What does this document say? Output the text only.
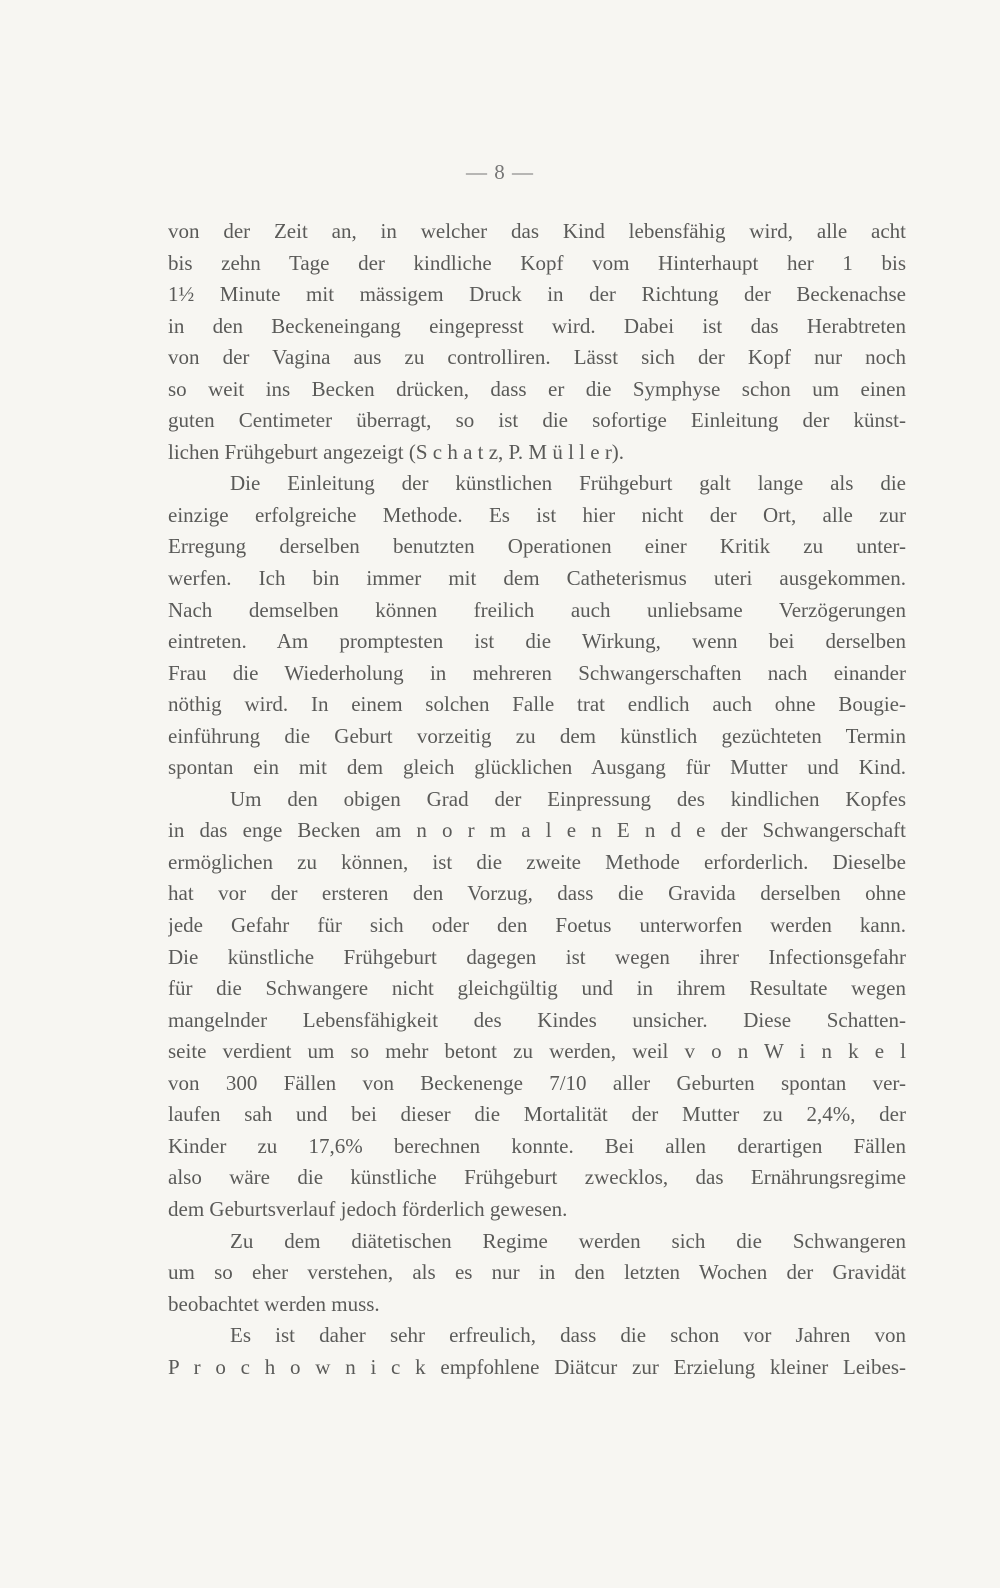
— 8 —
von der Zeit an, in welcher das Kind lebensfähig wird, alle acht
bis zehn Tage der kindliche Kopf vom Hinterhaupt her 1 bis
1½ Minute mit mässigem Druck in der Richtung der Beckenachse
in den Beckeneingang eingepresst wird. Dabei ist das Herabtreten
von der Vagina aus zu controlliren. Lässt sich der Kopf nur noch
so weit ins Becken drücken, dass er die Symphyse schon um einen
guten Centimeter überragt, so ist die sofortige Einleitung der künst-
lichen Frühgeburt angezeigt (S c h a t z, P. M ü l l e r).
Die Einleitung der künstlichen Frühgeburt galt lange als die
einzige erfolgreiche Methode. Es ist hier nicht der Ort, alle zur
Erregung derselben benutzten Operationen einer Kritik zu unter-
werfen. Ich bin immer mit dem Catheterismus uteri ausgekommen.
Nach demselben können freilich auch unliebsame Verzögerungen
eintreten. Am promptesten ist die Wirkung, wenn bei derselben
Frau die Wiederholung in mehreren Schwangerschaften nach einander
nöthig wird. In einem solchen Falle trat endlich auch ohne Bougie-
einführung die Geburt vorzeitig zu dem künstlich gezüchteten Termin
spontan ein mit dem gleich glücklichen Ausgang für Mutter und Kind.
Um den obigen Grad der Einpressung des kindlichen Kopfes
in das enge Becken am n o r m a l e n E n d e der Schwangerschaft
ermöglichen zu können, ist die zweite Methode erforderlich. Dieselbe
hat vor der ersteren den Vorzug, dass die Gravida derselben ohne
jede Gefahr für sich oder den Foetus unterworfen werden kann.
Die künstliche Frühgeburt dagegen ist wegen ihrer Infectionsgefahr
für die Schwangere nicht gleichgültig und in ihrem Resultate wegen
mangelnder Lebensfähigkeit des Kindes unsicher. Diese Schatten-
seite verdient um so mehr betont zu werden, weil v o n W i n k e l
von 300 Fällen von Beckenenge 7/10 aller Geburten spontan ver-
laufen sah und bei dieser die Mortalität der Mutter zu 2,4%, der
Kinder zu 17,6% berechnen konnte. Bei allen derartigen Fällen
also wäre die künstliche Frühgeburt zwecklos, das Ernährungsregime
dem Geburtsverlauf jedoch förderlich gewesen.
Zu dem diätetischen Regime werden sich die Schwangeren
um so eher verstehen, als es nur in den letzten Wochen der Gravidät
beobachtet werden muss.
Es ist daher sehr erfreulich, dass die schon vor Jahren von
P r o c h o w n i c k empfohlene Diätcur zur Erzielung kleiner Leibes-
